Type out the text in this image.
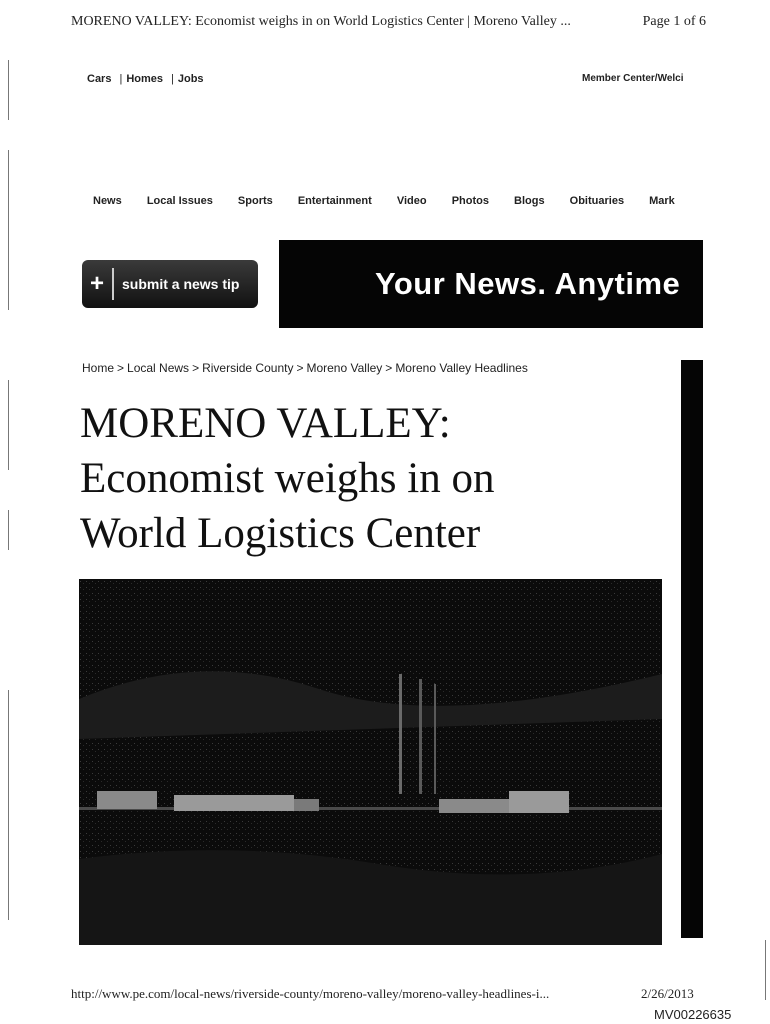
MORENO VALLEY: Economist weighs in on World Logistics Center | Moreno Valley ...	Page 1 of 6
Cars | Homes | Jobs	Member Center/Welci
News Local Issues Sports Entertainment Video Photos Blogs Obituaries Mark
+	submit a news tip	Your News. Anytime
Home > Local News > Riverside County > Moreno Valley > Moreno Valley Headlines
MORENO VALLEY:
Economist weighs in on
World Logistics Center
http://www.pe.com/local-news/riverside-county/moreno-valley/moreno-valley-headlines-i...	2/26/2013
MV00226635
